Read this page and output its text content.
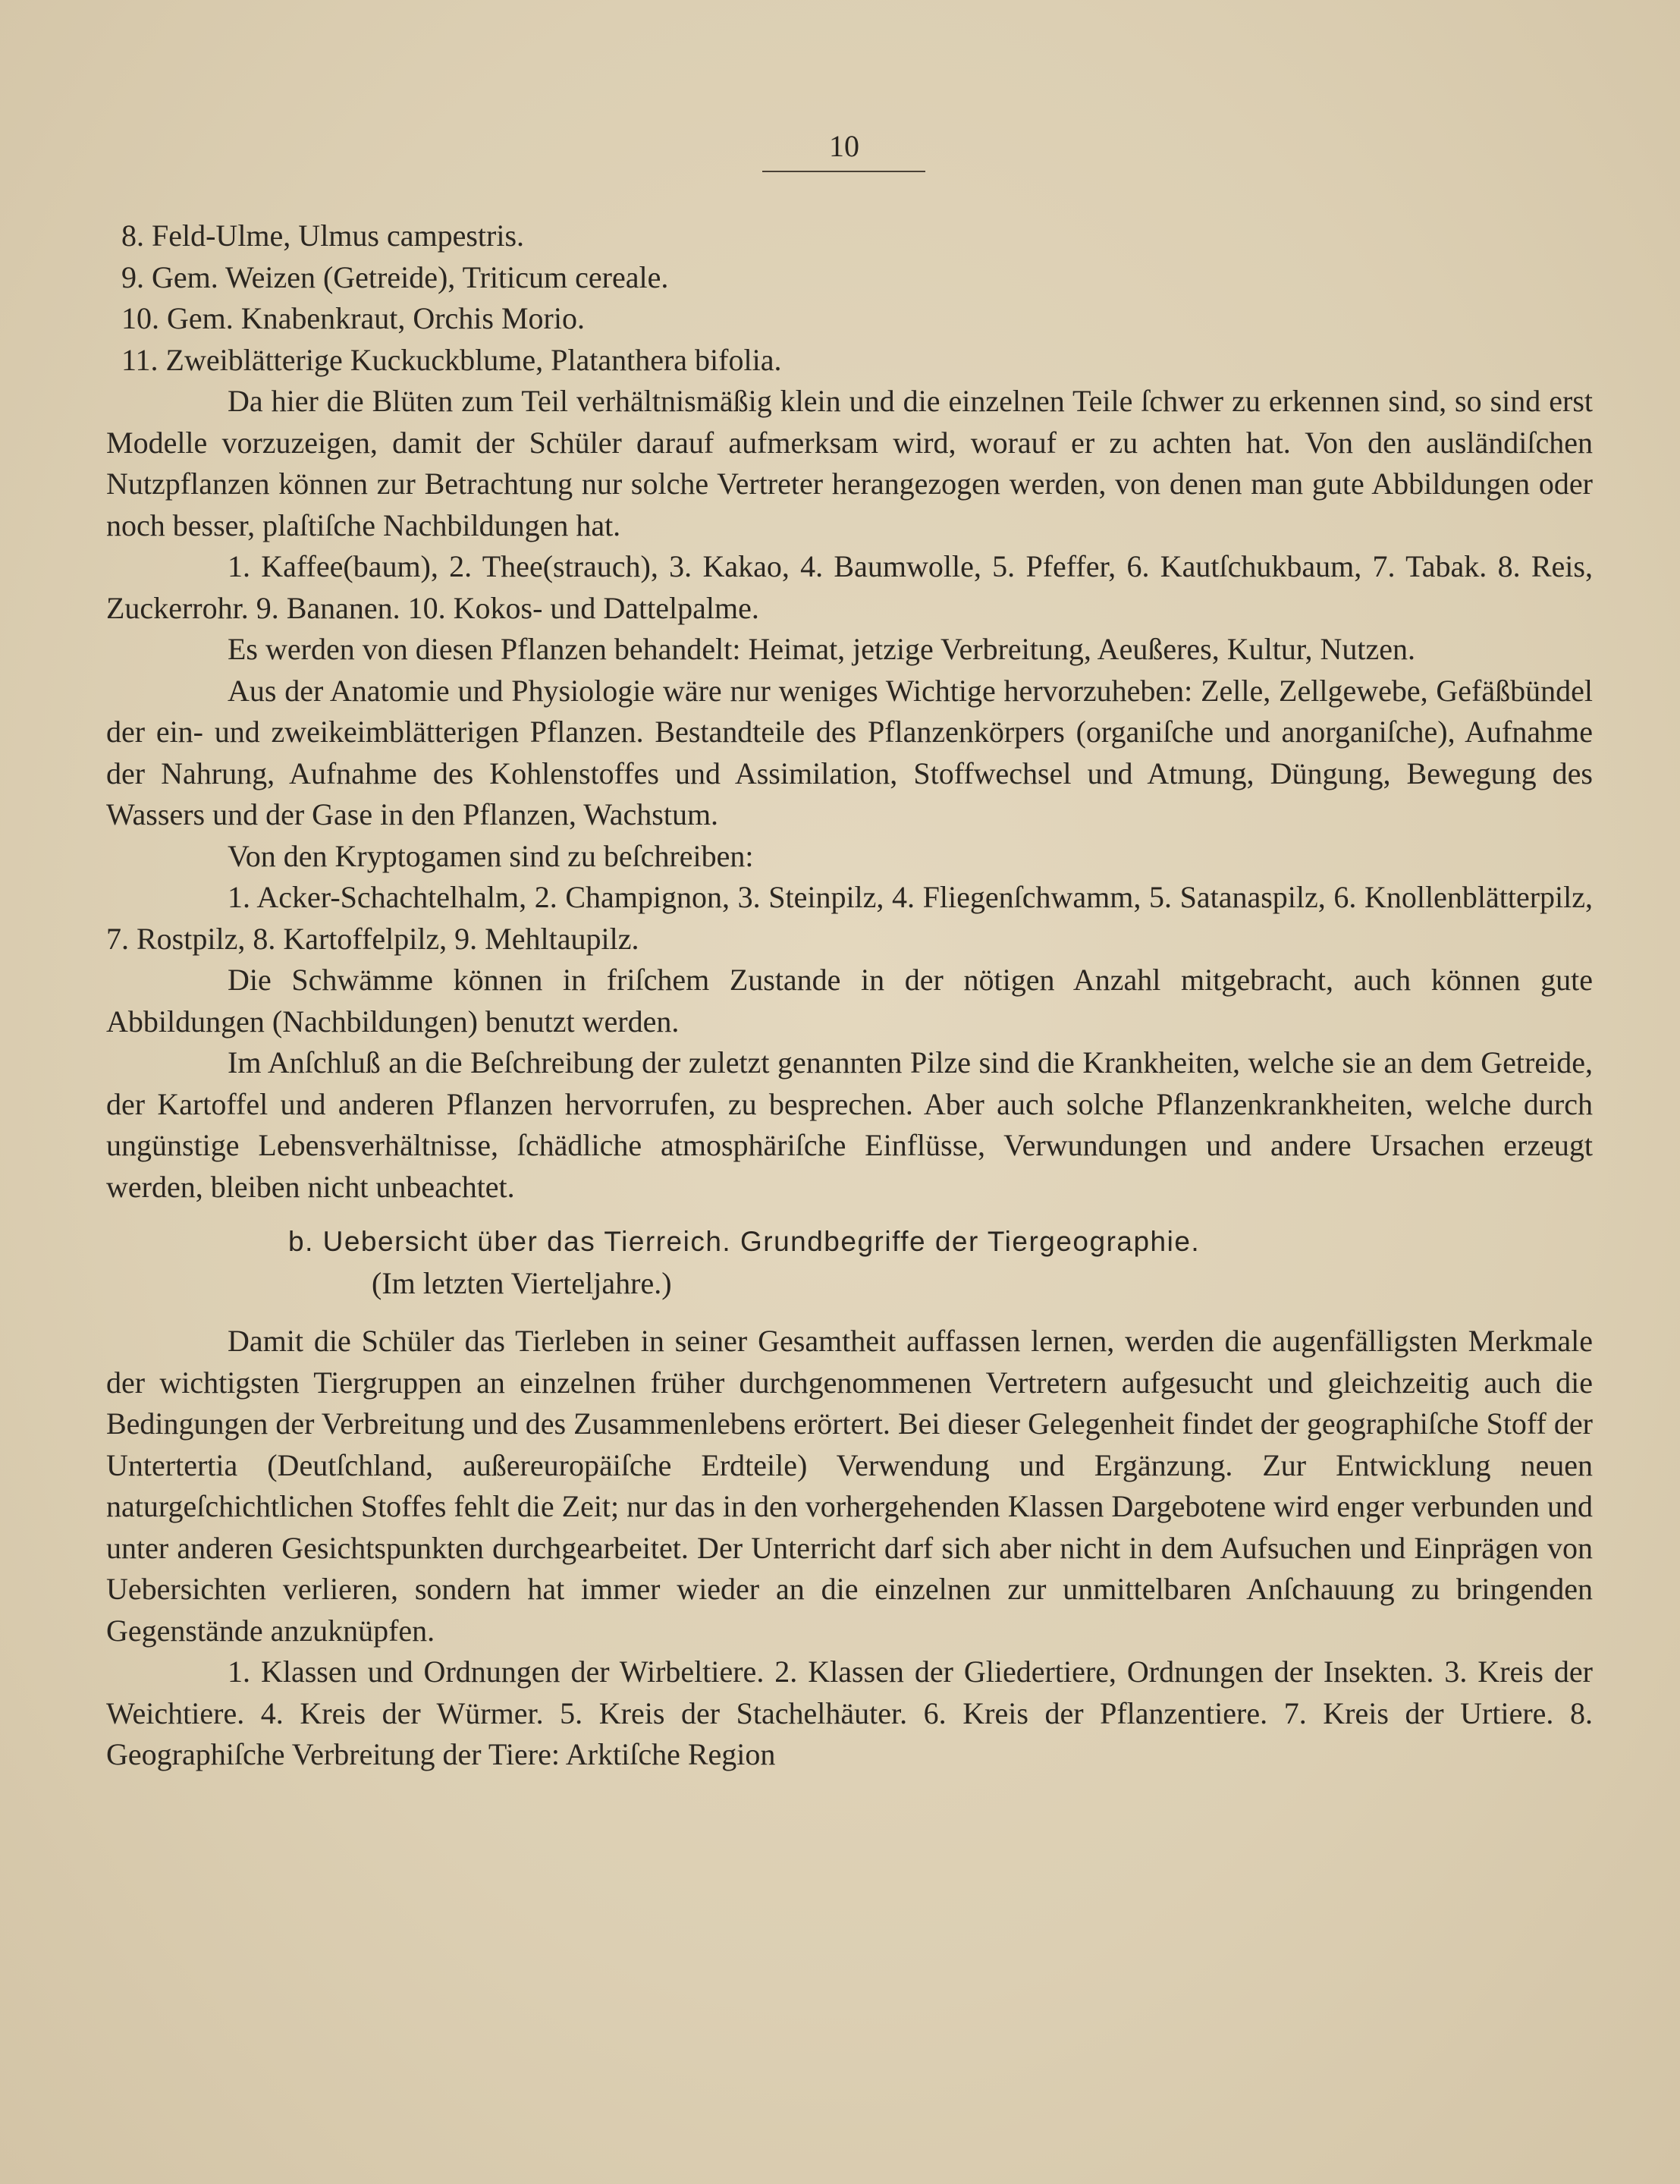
10

8. Feld-Ulme, Ulmus campestris.

9. Gem. Weizen (Getreide), Triticum cereale.

10. Gem. Knabenkraut, Orchis Morio.

11. Zweiblätterige Kuckuckblume, Platanthera bifolia.

Da hier die Blüten zum Teil verhältnismäßig klein und die einzelnen Teile ſchwer zu erkennen sind, so sind erst Modelle vorzuzeigen, damit der Schüler darauf aufmerksam wird, worauf er zu achten hat. Von den ausländiſchen Nutzpflanzen können zur Betrachtung nur solche Vertreter herangezogen werden, von denen man gute Abbildungen oder noch besser, plaſtiſche Nachbildungen hat.

1. Kaffee(baum), 2. Thee(strauch), 3. Kakao, 4. Baumwolle, 5. Pfeffer, 6. Kautſchukbaum, 7. Tabak. 8. Reis, Zuckerrohr. 9. Bananen. 10. Kokos- und Dattelpalme.

Es werden von diesen Pflanzen behandelt: Heimat, jetzige Verbreitung, Aeußeres, Kultur, Nutzen.

Aus der Anatomie und Physiologie wäre nur weniges Wichtige hervorzuheben: Zelle, Zellgewebe, Gefäßbündel der ein- und zweikeimblätterigen Pflanzen. Bestandteile des Pflanzenkörpers (organiſche und anorganiſche), Aufnahme der Nahrung, Aufnahme des Kohlenstoffes und Assimilation, Stoffwechsel und Atmung, Düngung, Bewegung des Wassers und der Gase in den Pflanzen, Wachstum.

Von den Kryptogamen sind zu beſchreiben:

1. Acker-Schachtelhalm, 2. Champignon, 3. Steinpilz, 4. Fliegenſchwamm, 5. Satanaspilz, 6. Knollenblätterpilz, 7. Rostpilz, 8. Kartoffelpilz, 9. Mehltaupilz.

Die Schwämme können in friſchem Zustande in der nötigen Anzahl mitgebracht, auch können gute Abbildungen (Nachbildungen) benutzt werden.

Im Anſchluß an die Beſchreibung der zuletzt genannten Pilze sind die Krankheiten, welche sie an dem Getreide, der Kartoffel und anderen Pflanzen hervorrufen, zu besprechen. Aber auch solche Pflanzenkrankheiten, welche durch ungünstige Lebensverhältnisse, ſchädliche atmosphäriſche Einflüsse, Verwundungen und andere Ursachen erzeugt werden, bleiben nicht unbeachtet.

b. Uebersicht über das Tierreich. Grundbegriffe der Tiergeographie.

(Im letzten Vierteljahre.)

Damit die Schüler das Tierleben in seiner Gesamtheit auffassen lernen, werden die augenfälligsten Merkmale der wichtigsten Tiergruppen an einzelnen früher durchgenommenen Vertretern aufgesucht und gleichzeitig auch die Bedingungen der Verbreitung und des Zusammenlebens erörtert. Bei dieser Gelegenheit findet der geographiſche Stoff der Untertertia (Deutſchland, außereuropäiſche Erdteile) Verwendung und Ergänzung. Zur Entwicklung neuen naturgeſchichtlichen Stoffes fehlt die Zeit; nur das in den vorhergehenden Klassen Dargebotene wird enger verbunden und unter anderen Gesichtspunkten durchgearbeitet. Der Unterricht darf sich aber nicht in dem Aufsuchen und Einprägen von Uebersichten verlieren, sondern hat immer wieder an die einzelnen zur unmittelbaren Anſchauung zu bringenden Gegenstände anzuknüpfen.

1. Klassen und Ordnungen der Wirbeltiere. 2. Klassen der Gliedertiere, Ordnungen der Insekten. 3. Kreis der Weichtiere. 4. Kreis der Würmer. 5. Kreis der Stachelhäuter. 6. Kreis der Pflanzentiere. 7. Kreis der Urtiere. 8. Geographiſche Verbreitung der Tiere: Arktiſche Region
